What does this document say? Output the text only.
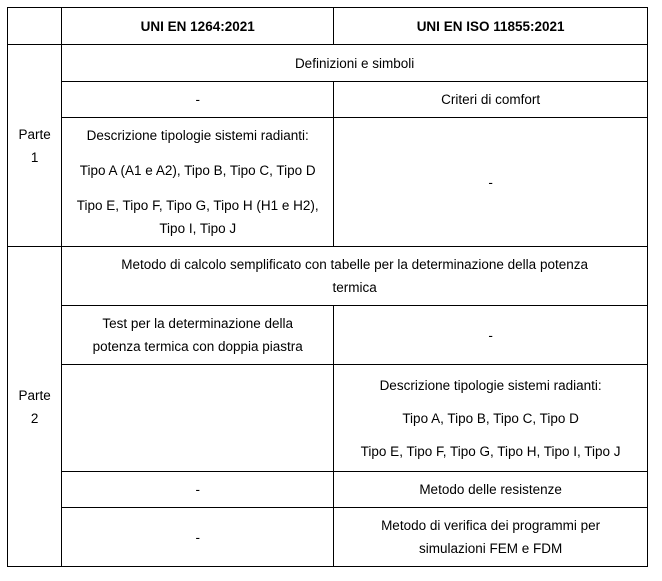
	UNI EN 1264:2021	UNI EN ISO 11855:2021
Parte 1	Definizioni e simboli	
	-	Criteri di comfort

	Descrizione tipologie sistemi radianti:
Tipo A (A1 e A2), Tipo B, Tipo C, Tipo D
Tipo E, Tipo F, Tipo G, Tipo H (H1 e H2),
Tipo I, Tipo J	-
Parte 2	Metodo di calcolo semplificato con tabelle per la determinazione della potenza
termica	

	Test per la determinazione della
potenza termica con doppia piastra	-

		Descrizione tipologie sistemi radianti:
Tipo A, Tipo B, Tipo C, Tipo D
Tipo E, Tipo F, Tipo G, Tipo H, Tipo I, Tipo J

	-	Metodo delle resistenze
	-	Metodo di verifica dei programmi per
simulazioni FEM e FDM
